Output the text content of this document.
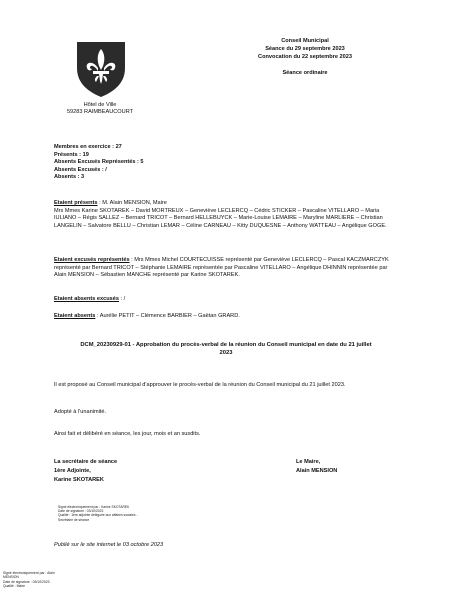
Hôtel de Ville
59283 RAIMBEAUCOURT
Conseil Municipal
Séance du 29 septembre 2023
Convocation du 22 septembre 2023
Séance ordinaire
Membres en exercice : 27
Présents : 19
Absents Excusés Représentés : 5
Absents Excusés : /
Absents : 3
Etaient présents : M. Alain MENSION, Maire
Mrs Mmes Karine SKOTAREK – David MORTREUX – Geneviève LECLERCQ – Cédric STICKER – Pascaline VITELLARO – Maria IULIANO – Régis SALLEZ – Bernard TRICOT – Bernard HELLEBUYCK – Marie-Louise LEMAIRE – Maryline MARLIERE – Christian LANGELIN – Salvatore BELLU – Christian LEMAR – Céline CARNEAU – Kitty DUQUESNE – Anthony WATTEAU – Angélique GOGE.
Etaient excusés représentés : Mrs Mmes Michel COURTECUISSE représenté par Geneviève LECLERCQ – Pascal KACZMARCZYK représenté par Bernard TRICOT – Stéphanie LEMAIRE représentée par Pascaline VITELLARO – Angélique DHINNIN représentée par Alain MENSION – Sébastien MANCHE représenté par Karine SKOTAREK.
Etaient absents excusés : /
Etaient absents : Aurélie PETIT – Clémence BARBIER – Gaëtan GRARD.
DCM_20230929-01 - Approbation du procès-verbal de la réunion du Conseil municipal en date du 21 juillet 2023
Il est proposé au Conseil municipal d'approuver le procès-verbal de la réunion du Conseil municipal du 21 juillet 2023.
Adopté à l'unanimité.
Ainsi fait et délibéré en séance, les jour, mois et an susdits.
La secrétaire de séance
1ère Adjointe,
Karine SKOTAREK
Le Maire,
Alain MENSION
Signé électroniquement par : Karine SKOTAREK
Date de signature : 03/10/2023
Qualité : 1ère adjointe déléguée aux affaires sociales -
Secrétaire de séance
Publié sur le site internet le 03 octobre 2023
Signé électroniquement par : Alain
MENSION
Date de signature : 03/10/2023
Qualité : Maire
